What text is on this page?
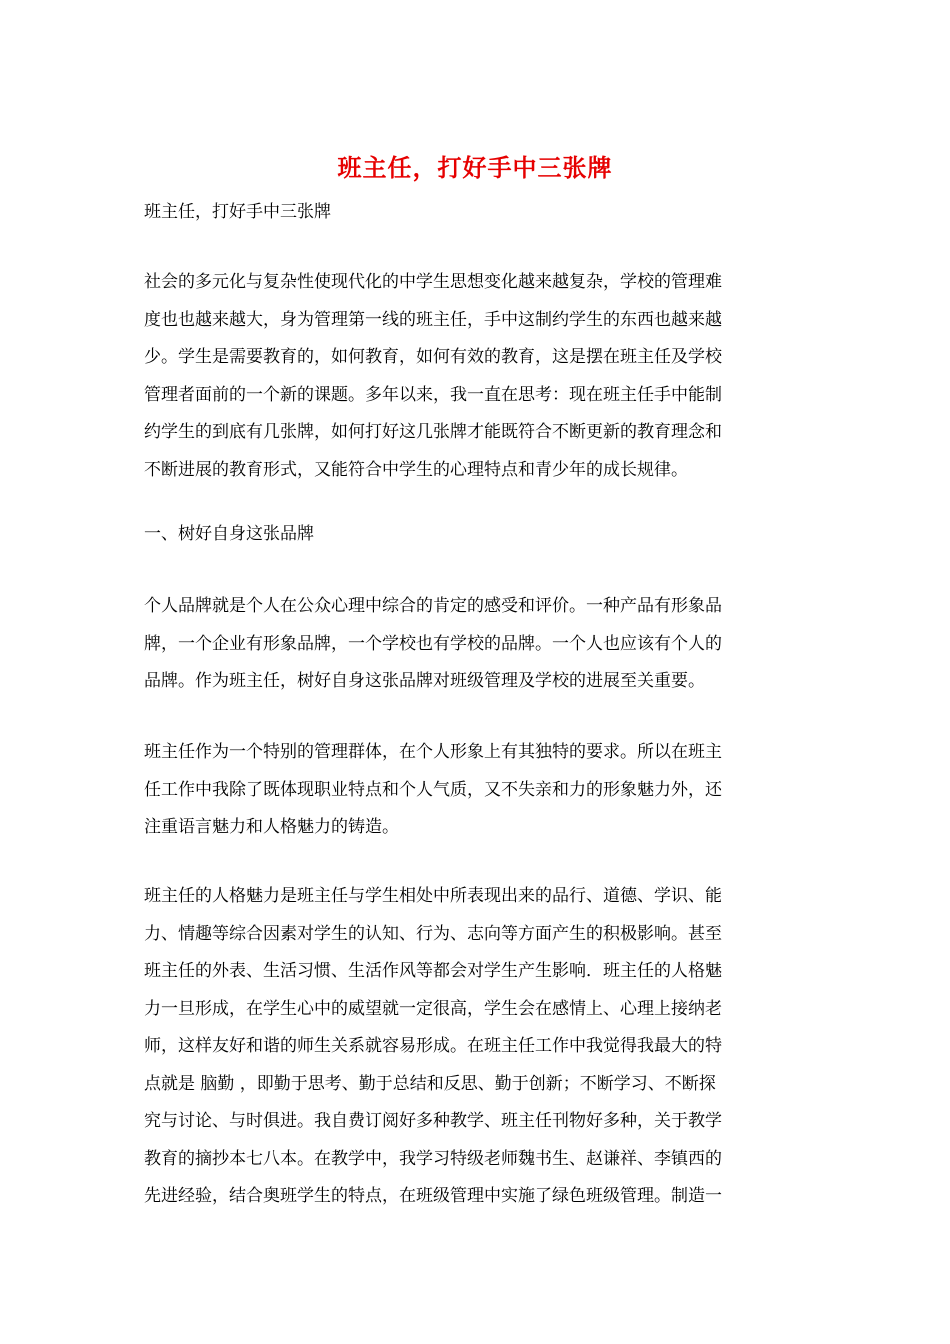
班主任，打好手中三张牌
班主任，打好手中三张牌
社会的多元化与复杂性使现代化的中学生思想变化越来越复杂，学校的管理难
度也也越来越大，身为管理第一线的班主任，手中这制约学生的东西也越来越
少。学生是需要教育的，如何教育，如何有效的教育，这是摆在班主任及学校
管理者面前的一个新的课题。多年以来，我一直在思考：现在班主任手中能制
约学生的到底有几张牌，如何打好这几张牌才能既符合不断更新的教育理念和
不断进展的教育形式，又能符合中学生的心理特点和青少年的成长规律。
一、树好自身这张品牌
个人品牌就是个人在公众心理中综合的肯定的感受和评价。一种产品有形象品
牌，一个企业有形象品牌，一个学校也有学校的品牌。一个人也应该有个人的
品牌。作为班主任，树好自身这张品牌对班级管理及学校的进展至关重要。
班主任作为一个特别的管理群体，在个人形象上有其独特的要求。所以在班主
任工作中我除了既体现职业特点和个人气质，又不失亲和力的形象魅力外，还
注重语言魅力和人格魅力的铸造。
班主任的人格魅力是班主任与学生相处中所表现出来的品行、道德、学识、能
力、情趣等综合因素对学生的认知、行为、志向等方面产生的积极影响。甚至
班主任的外表、生活习惯、生活作风等都会对学生产生影响．班主任的人格魅
力一旦形成，在学生心中的威望就一定很高，学生会在感情上、心理上接纳老
师，这样友好和谐的师生关系就容易形成。在班主任工作中我觉得我最大的特
点就是 脑勤 ，即勤于思考、勤于总结和反思、勤于创新；不断学习、不断探
究与讨论、与时俱进。我自费订阅好多种教学、班主任刊物好多种，关于教学
教育的摘抄本七八本。在教学中，我学习特级老师魏书生、赵谦祥、李镇西的
先进经验，结合奥班学生的特点，在班级管理中实施了绿色班级管理。制造一
